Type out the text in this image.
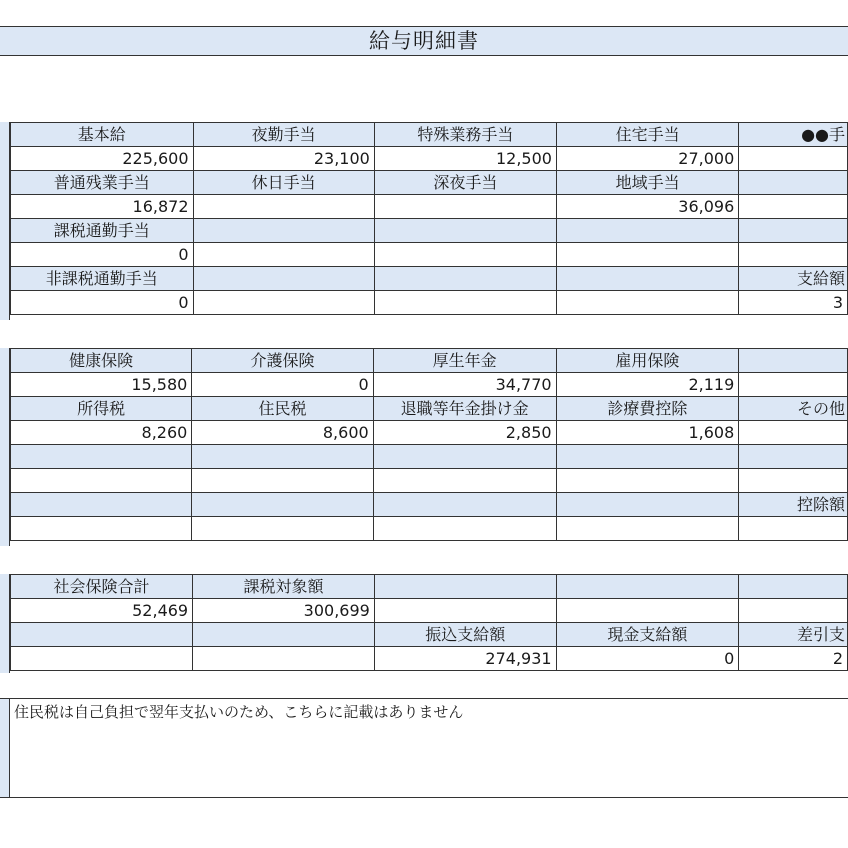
給与明細書
基本給	夜勤手当	特殊業務手当	住宅手当	●●手
225,600	23,100	12,500	27,000	
普通残業手当	休日手当	深夜手当	地域手当	
16,872			36,096	
課税通勤手当				
0				
非課税通勤手当				支給額
0				3
健康保険	介護保険	厚生年金	雇用保険	
15,580	0	34,770	2,119	
所得税	住民税	退職等年金掛け金	診療費控除	その他
8,260	8,600	2,850	1,608	

				控除額

社会保険合計	課税対象額			
52,469	300,699			
		振込支給額	現金支給額	差引支
		274,931	0	2
住民税は自己負担で翌年支払いのため、こちらに記載はありません
